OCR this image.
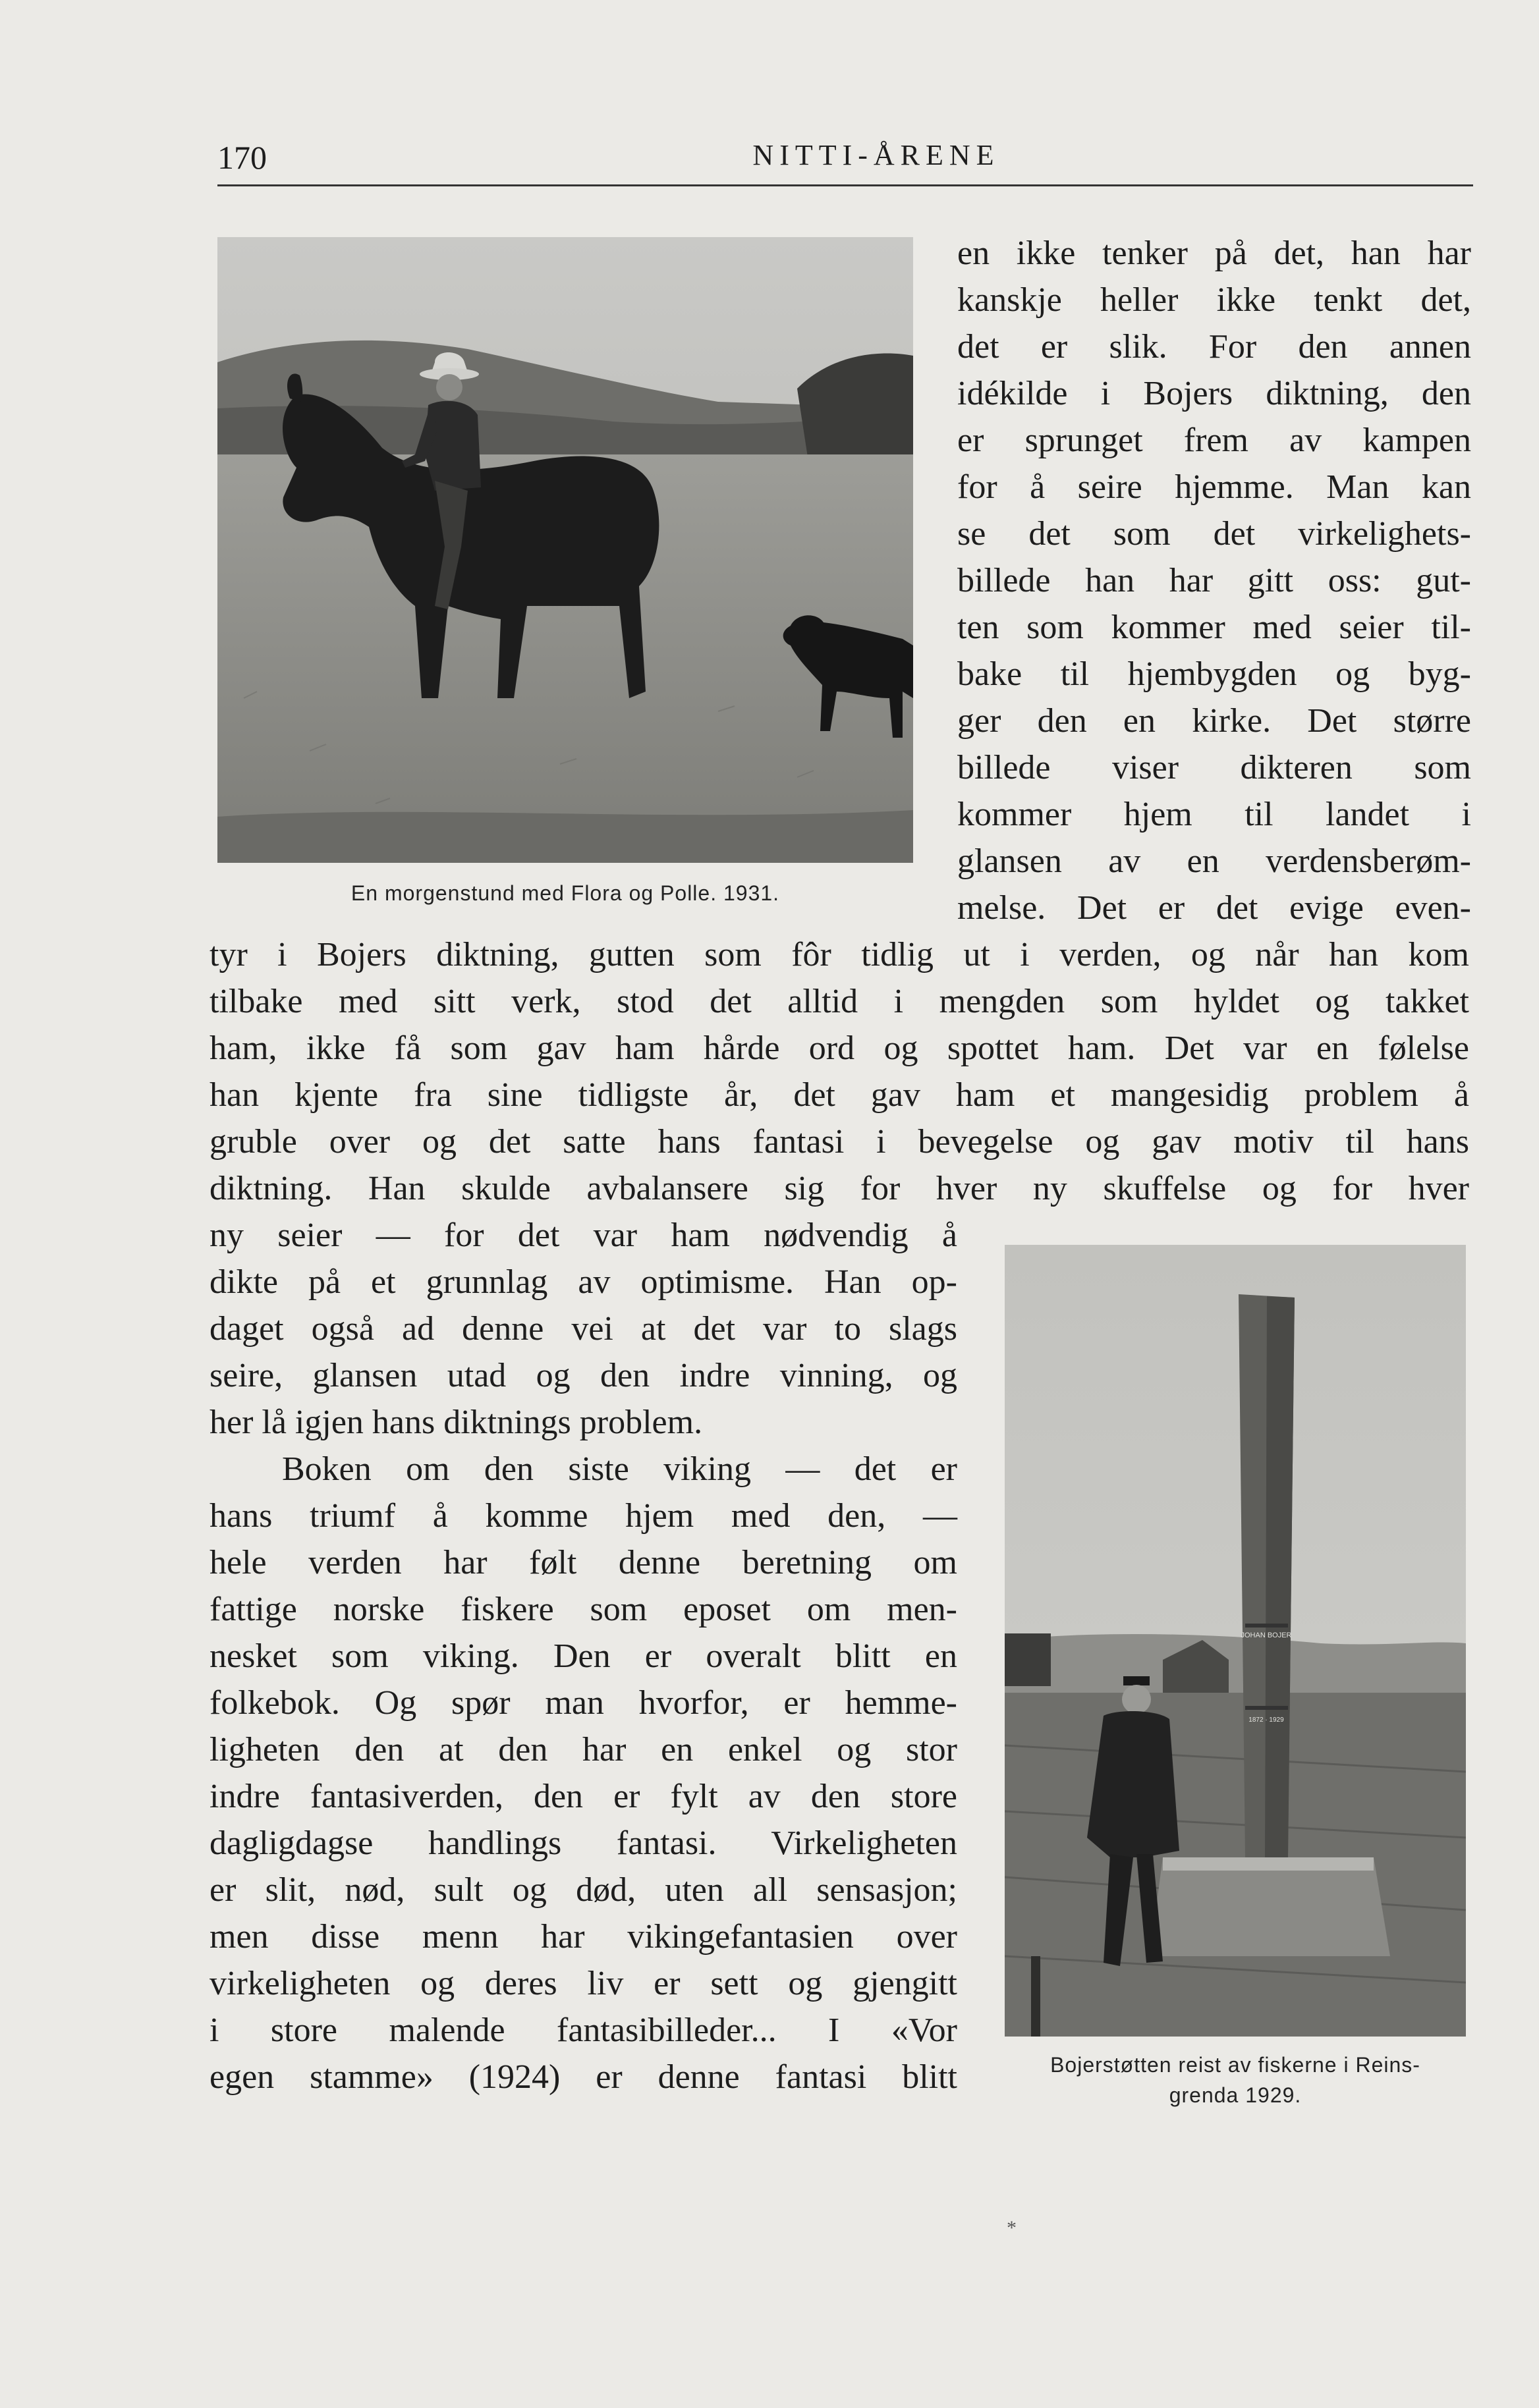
170	NITTI-ÅRENE
En morgenstund med Flora og Polle. 1931.
JOHAN BOJER
1872 · 1929
Bojerstøtten reist av fiskerne i Reins-
grenda 1929.
en ikke tenker på det, han har
kanskje heller ikke tenkt det,
det er slik. For den annen
idékilde i Bojers diktning, den
er sprunget frem av kampen
for å seire hjemme. Man kan
se det som det virkelighets-
billede han har gitt oss: gut-
ten som kommer med seier til-
bake til hjembygden og byg-
ger den en kirke. Det større
billede viser dikteren som
kommer hjem til landet i
glansen av en verdensberøm-
melse. Det er det evige even-
tyr i Bojers diktning, gutten som fôr tidlig ut i verden, og når han kom
tilbake med sitt verk, stod det alltid i mengden som hyldet og takket
ham, ikke få som gav ham hårde ord og spottet ham. Det var en følelse
han kjente fra sine tidligste år, det gav ham et mangesidig problem å
gruble over og det satte hans fantasi i bevegelse og gav motiv til hans
diktning. Han skulde avbalansere sig for hver ny skuffelse og for hver
ny seier — for det var ham nødvendig å
dikte på et grunnlag av optimisme. Han op-
daget også ad denne vei at det var to slags
seire, glansen utad og den indre vinning, og
her lå igjen hans diktnings problem.
Boken om den siste viking — det er
hans triumf å komme hjem med den, —
hele verden har følt denne beretning om
fattige norske fiskere som eposet om men-
nesket som viking. Den er overalt blitt en
folkebok. Og spør man hvorfor, er hemme-
ligheten den at den har en enkel og stor
indre fantasiverden, den er fylt av den store
dagligdagse handlings fantasi. Virkeligheten
er slit, nød, sult og død, uten all sensasjon;
men disse menn har vikingefantasien over
virkeligheten og deres liv er sett og gjengitt
i store malende fantasibilleder... I «Vor
egen stamme» (1924) er denne fantasi blitt
*
